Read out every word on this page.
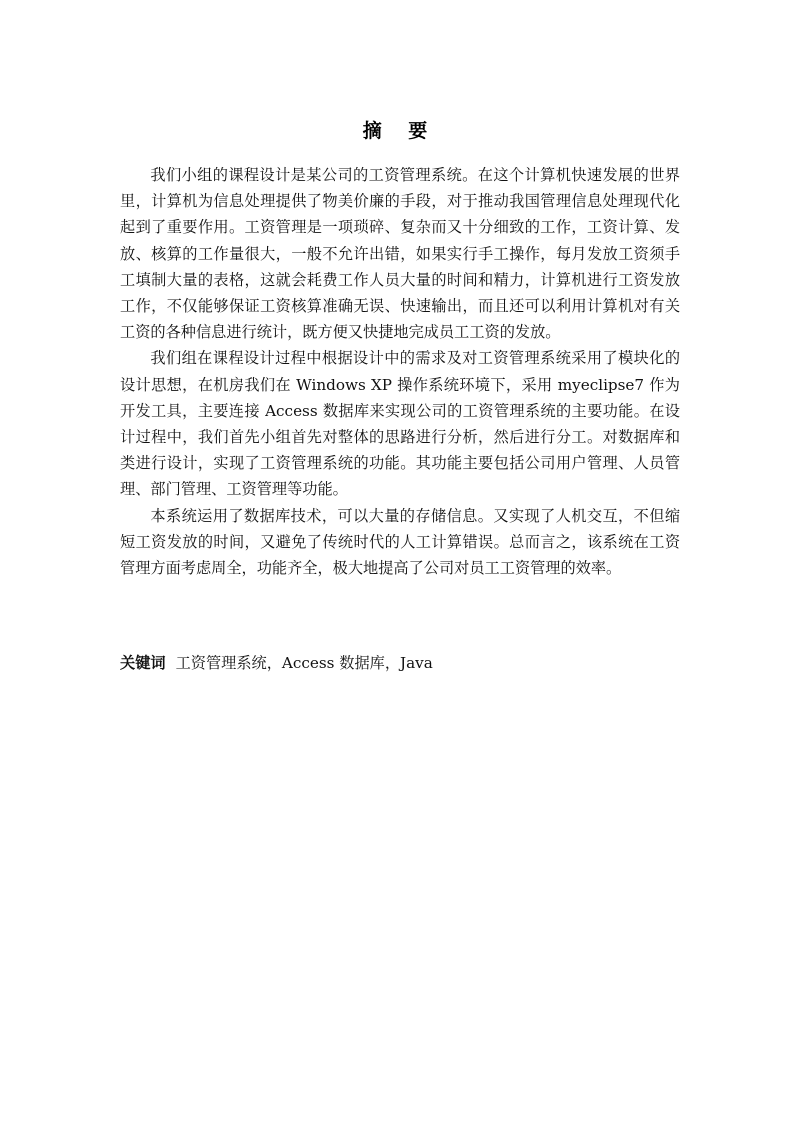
摘 要

我们小组的课程设计是某公司的工资管理系统。在这个计算机快速发展的世界里，计算机为信息处理提供了物美价廉的手段，对于推动我国管理信息处理现代化起到了重要作用。工资管理是一项琐碎、复杂而又十分细致的工作，工资计算、发放、核算的工作量很大，一般不允许出错，如果实行手工操作，每月发放工资须手工填制大量的表格，这就会耗费工作人员大量的时间和精力，计算机进行工资发放工作，不仅能够保证工资核算准确无误、快速输出，而且还可以利用计算机对有关工资的各种信息进行统计，既方便又快捷地完成员工工资的发放。

我们组在课程设计过程中根据设计中的需求及对工资管理系统采用了模块化的设计思想，在机房我们在 Windows XP 操作系统环境下，采用 myeclipse7 作为开发工具，主要连接 Access 数据库来实现公司的工资管理系统的主要功能。在设计过程中，我们首先小组首先对整体的思路进行分析，然后进行分工。对数据库和类进行设计，实现了工资管理系统的功能。其功能主要包括公司用户管理、人员管理、部门管理、工资管理等功能。

本系统运用了数据库技术，可以大量的存储信息。又实现了人机交互，不但缩短工资发放的时间，又避免了传统时代的人工计算错误。总而言之，该系统在工资管理方面考虑周全，功能齐全，极大地提高了公司对员工工资管理的效率。

关键词 工资管理系统，Access 数据库，Java
